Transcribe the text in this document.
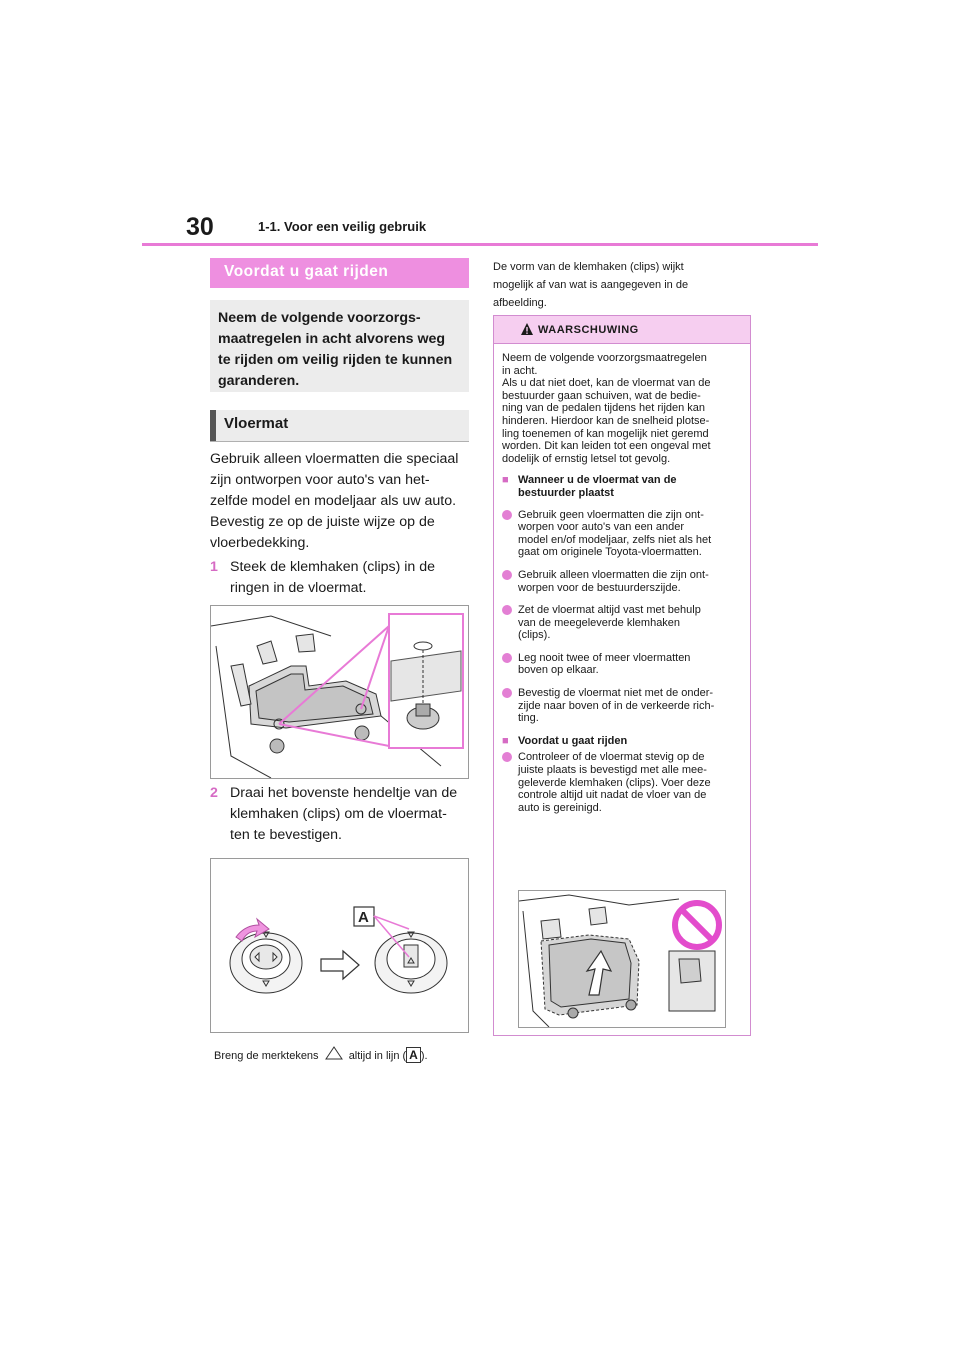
30	1-1. Voor een veilig gebruik
Voordat u gaat rijden

Neem de volgende voorzorgs-
maatregelen in acht alvorens weg
te rijden om veilig rijden te kunnen
garanderen.

Vloermat
Gebruik alleen vloermatten die speciaal
zijn ontworpen voor auto's van het-
zelfde model en modeljaar als uw auto.
Bevestig ze op de juiste wijze op de
vloerbedekking.
1 Steek de klemhaken (clips) in de
ringen in de vloermat.
2 Draai het bovenste hendeltje van de
klemhaken (clips) om de vloermat-
ten te bevestigen.
A
Breng de merktekens	altijd in lijn ( A ).
De vorm van de klemhaken (clips) wijkt
mogelijk af van wat is aangegeven in de
afbeelding.
WAARSCHUWING

Neem de volgende voorzorgsmaatregelen
in acht.
Als u dat niet doet, kan de vloermat van de
bestuurder gaan schuiven, wat de bedie-
ning van de pedalen tijdens het rijden kan
hinderen. Hierdoor kan de snelheid plotse-
ling toenemen of kan mogelijk niet geremd
worden. Dit kan leiden tot een ongeval met
dodelijk of ernstig letsel tot gevolg.

■ Wanneer u de vloermat van de
bestuurder plaatst
Gebruik geen vloermatten die zijn ont-
worpen voor auto's van een ander
model en/of modeljaar, zelfs niet als het
gaat om originele Toyota-vloermatten.
Gebruik alleen vloermatten die zijn ont-
worpen voor de bestuurderszijde.
Zet de vloermat altijd vast met behulp
van de meegeleverde klemhaken
(clips).
Leg nooit twee of meer vloermatten
boven op elkaar.
Bevestig de vloermat niet met de onder-
zijde naar boven of in de verkeerde rich-
ting.
■ Voordat u gaat rijden
Controleer of de vloermat stevig op de
juiste plaats is bevestigd met alle mee-
geleverde klemhaken (clips). Voer deze
controle altijd uit nadat de vloer van de
auto is gereinigd.
